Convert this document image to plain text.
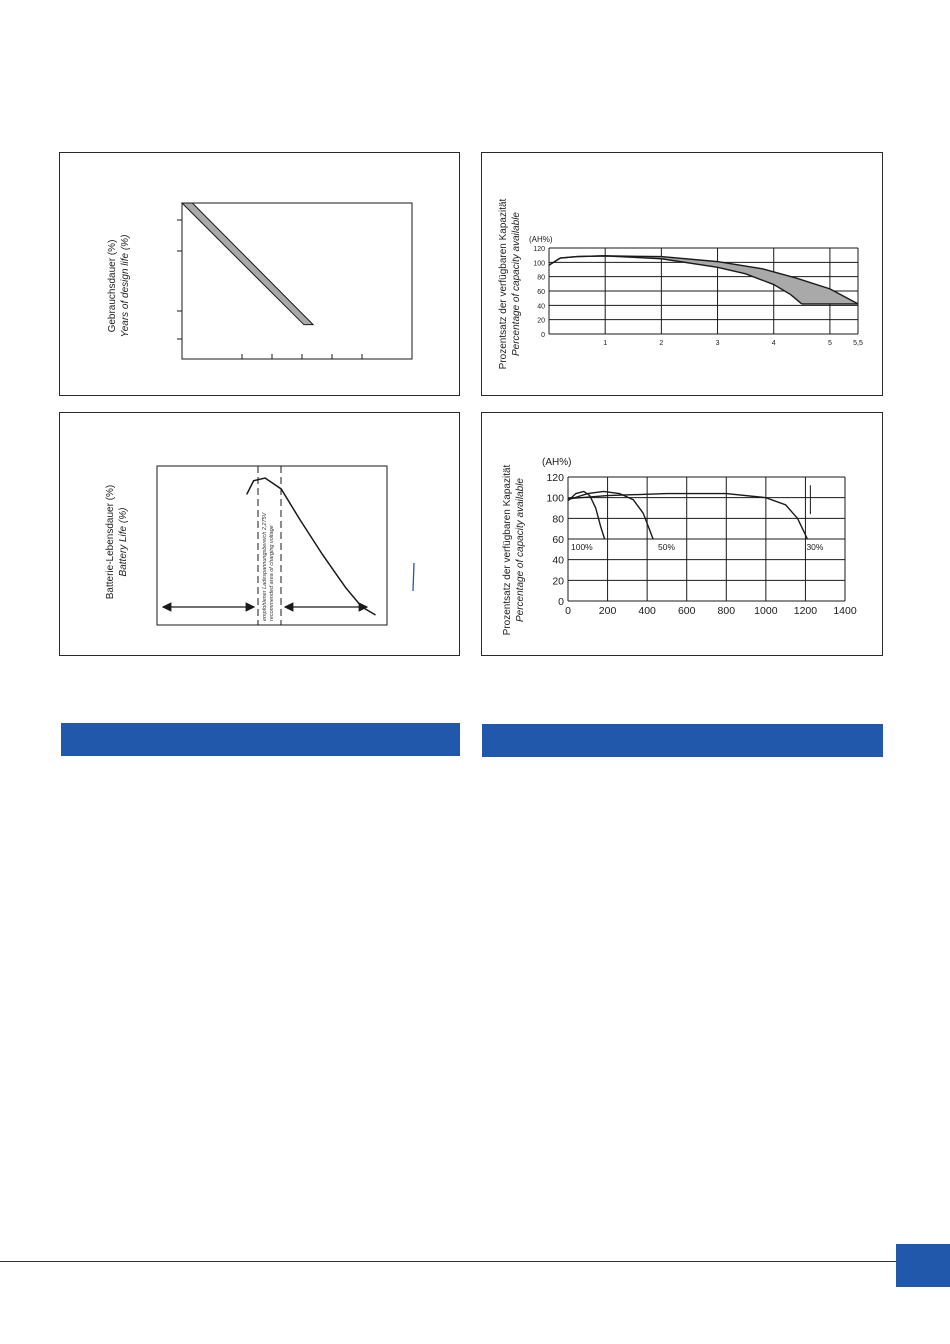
Gebrauchsdauer (%) Years of design life (%)	(AH%)
0
20
40
60
80
100
120
1	2	3	4	5	5,5
Prozentsatz der verfügbaren Kapazität Percentage of capacity available
empfohlener Ladespannungsbereich 2,275V recommended area of charging voltage
Batterie-Lebensdauer (%) Battery Life (%)
(AH%)
0
20
40
60
80
100
120
0	200 400 600 800 1000 1200 1400
100%	50%	30%
Prozentsatz der verfügbaren Kapazität Percentage of capacity available
